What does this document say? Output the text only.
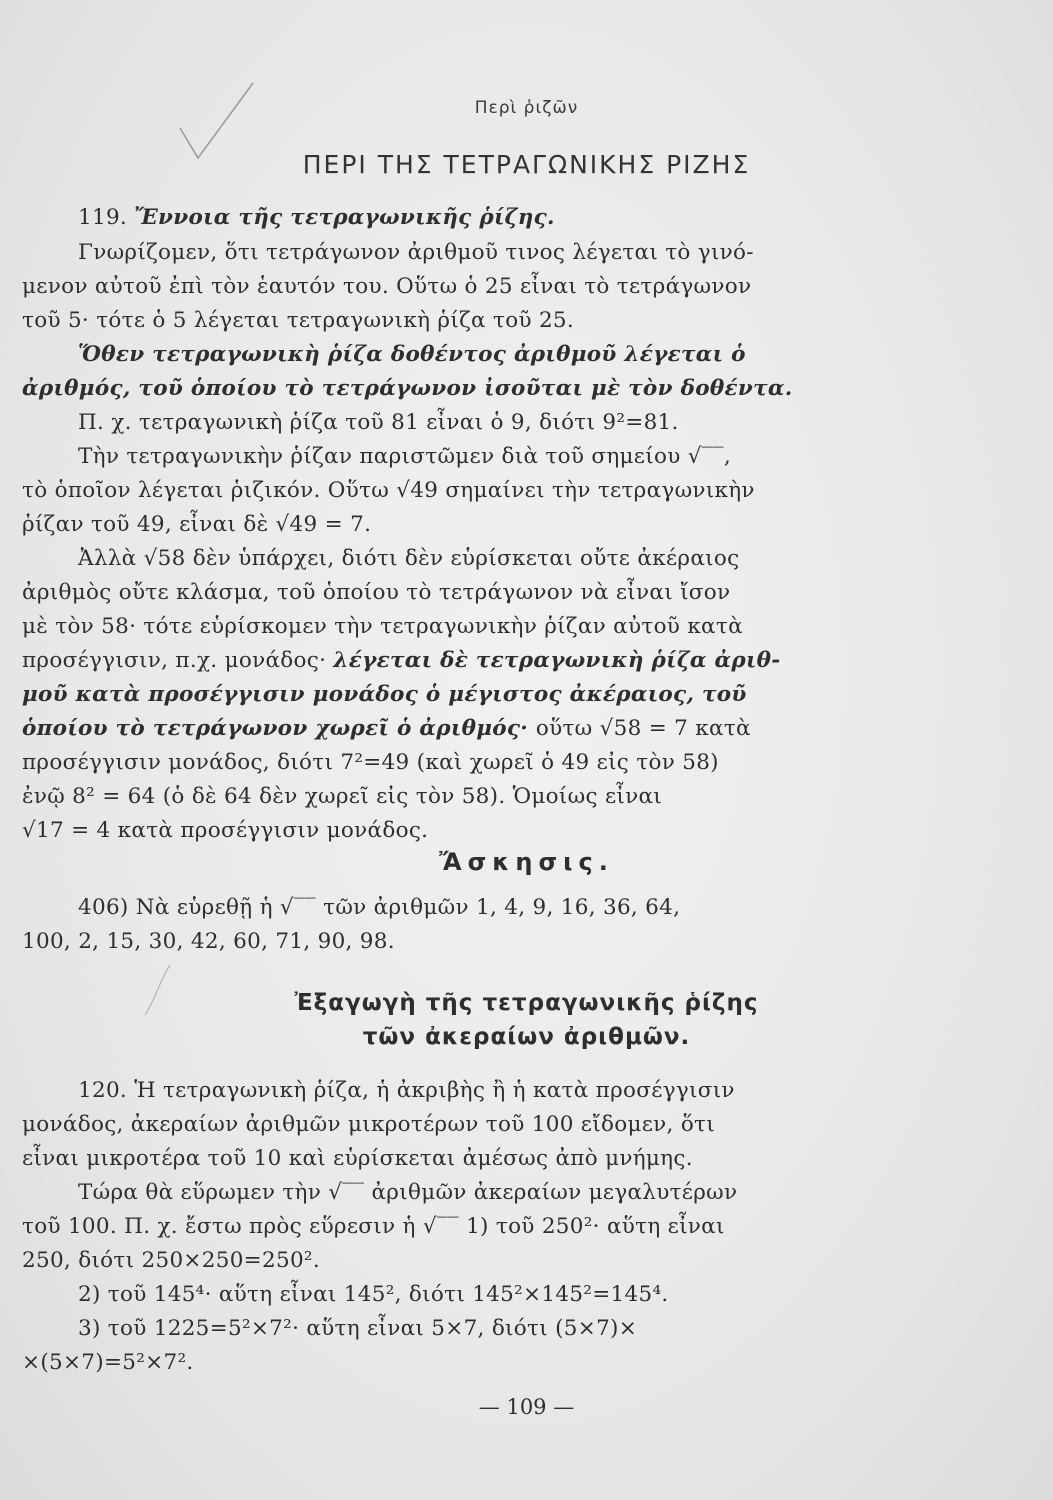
Περὶ ῥιζῶν
ΠΕΡΙ ΤΗΣ ΤΕΤΡΑΓΩΝΙΚΗΣ ΡΙΖΗΣ
119. Ἔννοια τῆς τετραγωνικῆς ῥίζης.
Γνωρίζομεν, ὅτι τετράγωνον ἀριθμοῦ τινος λέγεται τὸ γινό-
μενον αὐτοῦ ἐπὶ τὸν ἑαυτόν του. Οὕτω ὁ 25 εἶναι τὸ τετράγωνον
τοῦ 5· τότε ὁ 5 λέγεται τετραγωνικὴ ῥίζα τοῦ 25.
Ὅθεν τετραγωνικὴ ῥίζα δοθέντος ἀριθμοῦ λέγεται ὁ
ἀριθμός, τοῦ ὁποίου τὸ τετράγωνον ἰσοῦται μὲ τὸν δοθέντα.
Π. χ. τετραγωνικὴ ῥίζα τοῦ 81 εἶναι ὁ 9, διότι 9²=81.
Τὴν τετραγωνικὴν ῥίζαν παριστῶμεν διὰ τοῦ σημείου √‾‾,
τὸ ὁποῖον λέγεται ῥιζικόν. Οὕτω √49 σημαίνει τὴν τετραγωνικὴν
ῥίζαν τοῦ 49, εἶναι δὲ √49 = 7.
Ἀλλὰ √58 δὲν ὑπάρχει, διότι δὲν εὑρίσκεται οὔτε ἀκέραιος
ἀριθμὸς οὔτε κλάσμα, τοῦ ὁποίου τὸ τετράγωνον νὰ εἶναι ἴσον
μὲ τὸν 58· τότε εὑρίσκομεν τὴν τετραγωνικὴν ῥίζαν αὐτοῦ κατὰ
προσέγγισιν, π.χ. μονάδος· λέγεται δὲ τετραγωνικὴ ῥίζα ἀριθ-
μοῦ κατὰ προσέγγισιν μονάδος ὁ μέγιστος ἀκέραιος, τοῦ
ὁποίου τὸ τετράγωνον χωρεῖ ὁ ἀριθμός· οὕτω √58 = 7 κατὰ
προσέγγισιν μονάδος, διότι 7²=49 (καὶ χωρεῖ ὁ 49 εἰς τὸν 58)
ἐνῷ 8² = 64 (ὁ δὲ 64 δὲν χωρεῖ εἰς τὸν 58). Ὁμοίως εἶναι
√17 = 4 κατὰ προσέγγισιν μονάδος.
Ἄσκησις.
406) Νὰ εὑρεθῇ ἡ √‾‾ τῶν ἀριθμῶν 1, 4, 9, 16, 36, 64,
100, 2, 15, 30, 42, 60, 71, 90, 98.
Ἐξαγωγὴ τῆς τετραγωνικῆς ῥίζης
τῶν ἀκεραίων ἀριθμῶν.
120. Ἡ τετραγωνικὴ ῥίζα, ἡ ἀκριβὴς ἢ ἡ κατὰ προσέγγισιν
μονάδος, ἀκεραίων ἀριθμῶν μικροτέρων τοῦ 100 εἴδομεν, ὅτι
εἶναι μικροτέρα τοῦ 10 καὶ εὑρίσκεται ἀμέσως ἀπὸ μνήμης.
Τώρα θὰ εὕρωμεν τὴν √‾‾ ἀριθμῶν ἀκεραίων μεγαλυτέρων
τοῦ 100. Π. χ. ἔστω πρὸς εὕρεσιν ἡ √‾‾ 1) τοῦ 250²· αὕτη εἶναι
250, διότι 250×250=250².
2) τοῦ 145⁴· αὕτη εἶναι 145², διότι 145²×145²=145⁴.
3) τοῦ 1225=5²×7²· αὕτη εἶναι 5×7, διότι (5×7)×
×(5×7)=5²×7².
— 109 —
